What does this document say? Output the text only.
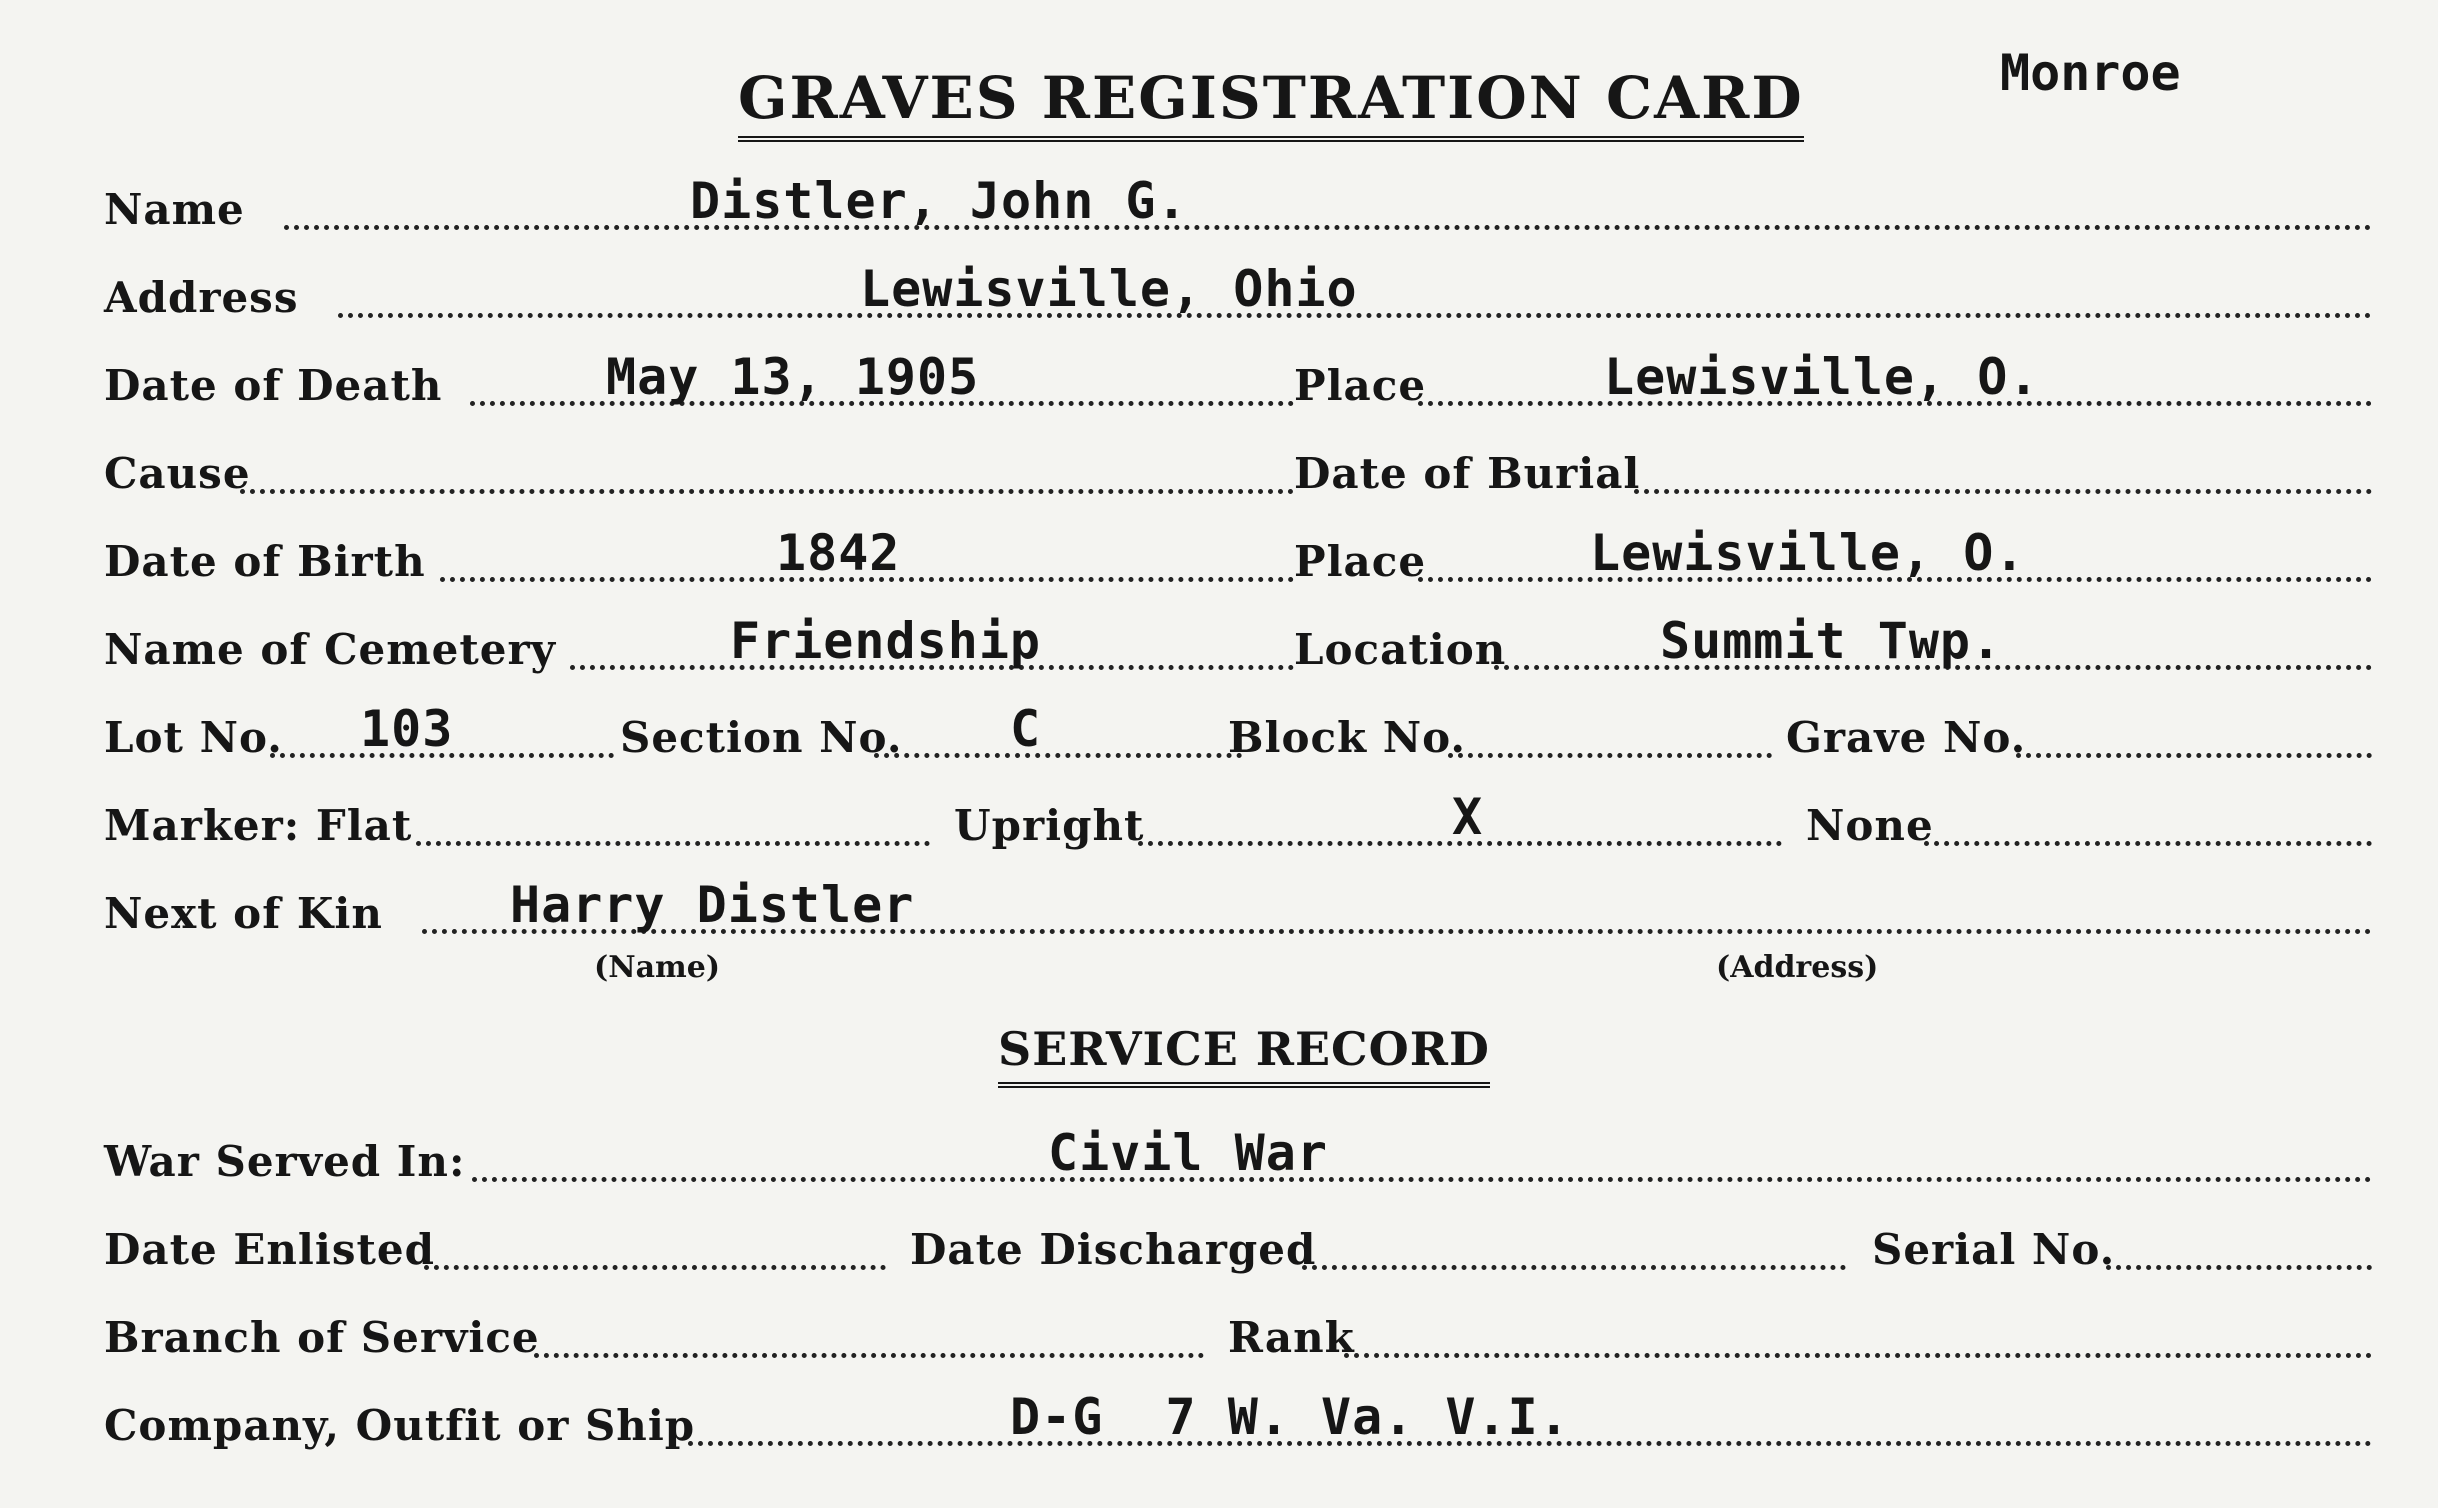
GRAVES REGISTRATION CARD	Monroe
Name	Distler, John G.
Address	Lewisville, Ohio
Date of Death	May 13, 1905	Place	Lewisville, O.
Cause	Date of Burial
Date of Birth	1842	Place	Lewisville, O.
Name of Cemetery	Friendship	Location	Summit Twp.
Lot No. 103	Section No. C	Block No.	Grave No.
Marker: Flat	Upright	X	None
Next of Kin	Harry Distler
(Name)	(Address)
SERVICE RECORD
War Served In:	Civil War
Date Enlisted	Date Discharged	Serial No.
Branch of Service	Rank
Company, Outfit or Ship	D-G  7 W. Va. V.I.
